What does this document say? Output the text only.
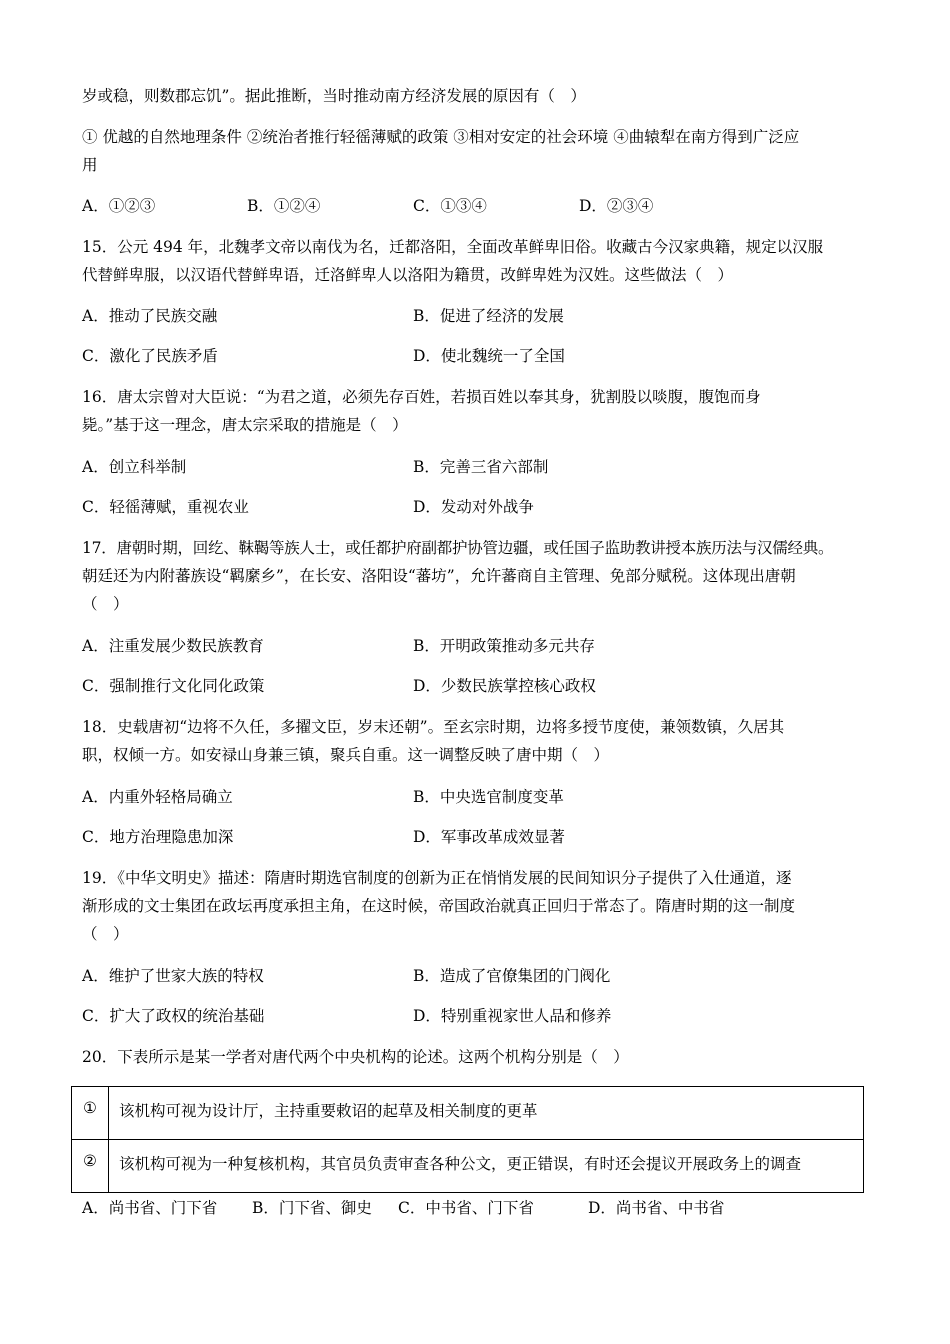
岁或稳，则数郡忘饥”。据此推断，当时推动南方经济发展的原因有（　）
① 优越的自然地理条件 ②统治者推行轻徭薄赋的政策 ③相对安定的社会环境 ④曲辕犁在南方得到广泛应
用
A．①②③	B．①②④	C．①③④	D．②③④
15．公元 494 年，北魏孝文帝以南伐为名，迁都洛阳，全面改革鲜卑旧俗。收藏古今汉家典籍，规定以汉服
代替鲜卑服，以汉语代替鲜卑语，迁洛鲜卑人以洛阳为籍贯，改鲜卑姓为汉姓。这些做法（　）
A．推动了民族交融	B．促进了经济的发展
C．激化了民族矛盾	D．使北魏统一了全国
16．唐太宗曾对大臣说：“为君之道，必须先存百姓，若损百姓以奉其身，犹割股以啖腹，腹饱而身
毙。”基于这一理念，唐太宗采取的措施是（　）
A．创立科举制	B．完善三省六部制
C．轻徭薄赋，重视农业	D．发动对外战争
17．唐朝时期，回纥、靺鞨等族人士，或任都护府副都护协管边疆，或任国子监助教讲授本族历法与汉儒经典。
朝廷还为内附蕃族设“羁縻乡”，在长安、洛阳设“蕃坊”，允许蕃商自主管理、免部分赋税。这体现出唐朝
（　）
A．注重发展少数民族教育	B．开明政策推动多元共存
C．强制推行文化同化政策	D．少数民族掌控核心政权
18．史载唐初“边将不久任，多擢文臣，岁末还朝”。至玄宗时期，边将多授节度使，兼领数镇，久居其
职，权倾一方。如安禄山身兼三镇，聚兵自重。这一调整反映了唐中期（　）
A．内重外轻格局确立	B．中央选官制度变革
C．地方治理隐患加深	D．军事改革成效显著
19．《中华文明史》描述：隋唐时期选官制度的创新为正在悄悄发展的民间知识分子提供了入仕通道，逐
渐形成的文士集团在政坛再度承担主角，在这时候，帝国政治就真正回归于常态了。隋唐时期的这一制度
（　）
A．维护了世家大族的特权	B．造成了官僚集团的门阀化
C．扩大了政权的统治基础	D．特别重视家世人品和修养
20．下表所示是某一学者对唐代两个中央机构的论述。这两个机构分别是（　）
①	该机构可视为设计厅，主持重要敕诏的起草及相关制度的更革
②	该机构可视为一种复核机构，其官员负责审查各种公文，更正错误，有时还会提议开展政务上的调查
A．尚书省、门下省 B．门下省、御史 C．中书省、门下省	D．尚书省、中书省
